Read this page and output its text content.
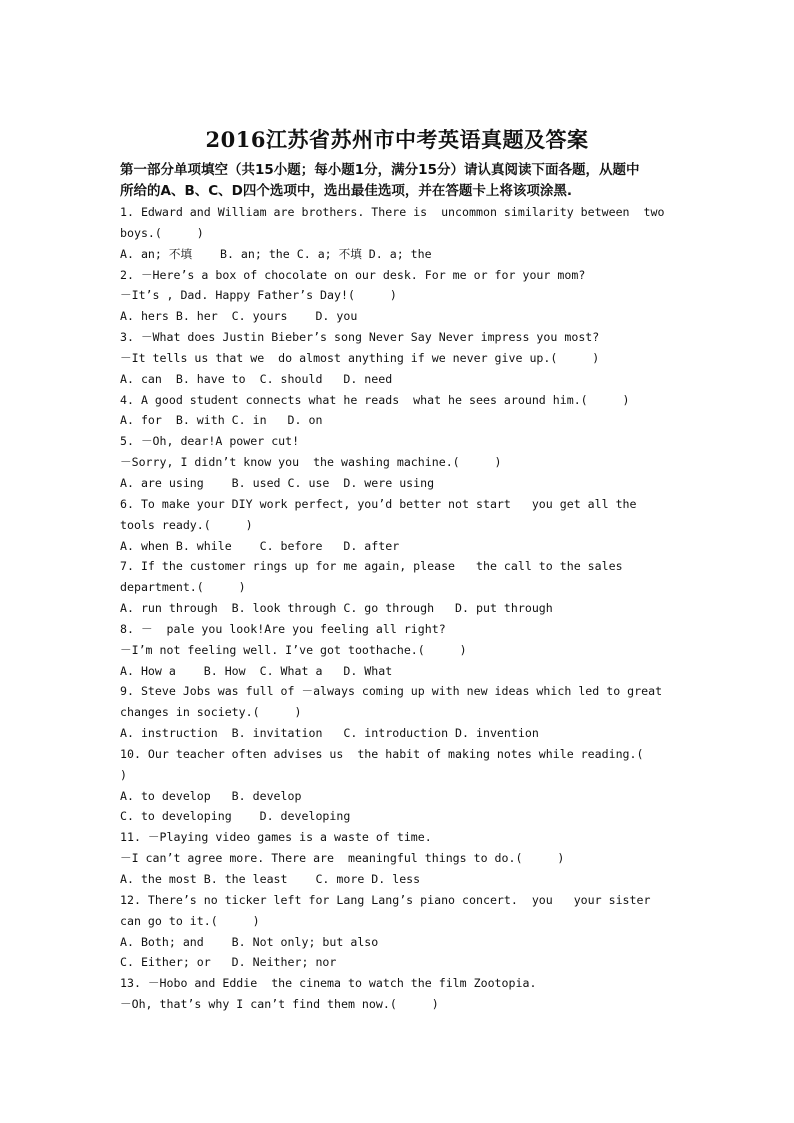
2016江苏省苏州市中考英语真题及答案
第一部分单项填空（共15小题；每小题1分，满分15分）请认真阅读下面各题，从题中
所给的A、B、C、D四个选项中，选出最佳选项，并在答题卡上将该项涂黑.
1. Edward and William are brothers. There is  uncommon similarity between  two
boys.(     )
A. an; 不填    B. an; the C. a; 不填 D. a; the
2. －Here’s a box of chocolate on our desk. For me or for your mom?
－It’s , Dad. Happy Father’s Day!(     )
A. hers B. her  C. yours    D. you
3. －What does Justin Bieber’s song Never Say Never impress you most?
－It tells us that we  do almost anything if we never give up.(     )
A. can  B. have to  C. should   D. need
4. A good student connects what he reads  what he sees around him.(     )
A. for  B. with C. in   D. on
5. －Oh, dear!A power cut!
－Sorry, I didn’t know you  the washing machine.(     )
A. are using    B. used C. use  D. were using
6. To make your DIY work perfect, you’d better not start   you get all the
tools ready.(     )
A. when B. while    C. before   D. after
7. If the customer rings up for me again, please   the call to the sales
department.(     )
A. run through  B. look through C. go through   D. put through
8. －  pale you look!Are you feeling all right?
－I’m not feeling well. I’ve got toothache.(     )
A. How a    B. How  C. What a   D. What
9. Steve Jobs was full of －always coming up with new ideas which led to great
changes in society.(     )
A. instruction  B. invitation   C. introduction D. invention
10. Our teacher often advises us  the habit of making notes while reading.(
)
A. to develop   B. develop
C. to developing    D. developing
11. －Playing video games is a waste of time.
－I can’t agree more. There are  meaningful things to do.(     )
A. the most B. the least    C. more D. less
12. There’s no ticker left for Lang Lang’s piano concert.  you   your sister
can go to it.(     )
A. Both; and    B. Not only; but also
C. Either; or   D. Neither; nor
13. －Hobo and Eddie  the cinema to watch the film Zootopia.
－Oh, that’s why I can’t find them now.(     )
